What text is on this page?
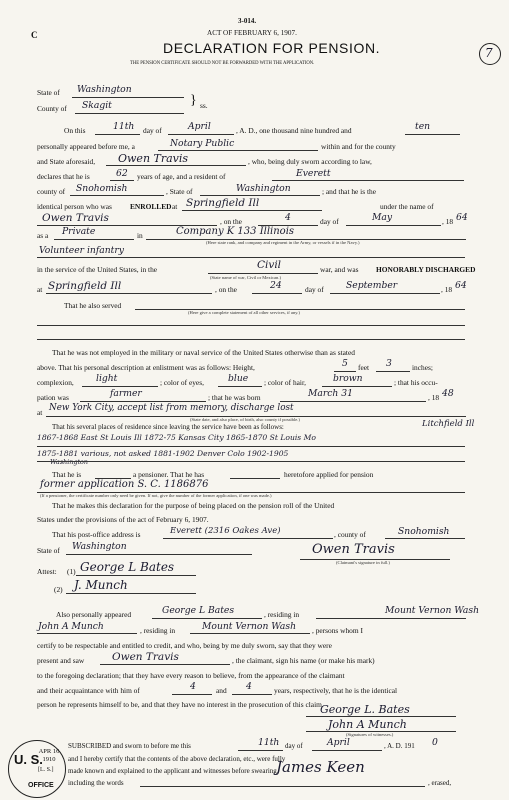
C
3-014.
ACT OF FEBRUARY 6, 1907.
DECLARATION FOR PENSION.
THE PENSION CERTIFICATE SHOULD NOT BE FORWARDED WITH THE APPLICATION.
7
State of Washington
County of Skagit	} ss.
On this	11th day of	April	, A. D., one thousand nine hundred and	ten
personally appeared before me, a	Notary Public	within and for the county
and State aforesaid, Owen Travis	, who, being duly sworn according to law,
declares that he is	62 years of age, and a resident of	Everett
county of Snohomish	, State of	Washington	; and that he is the
identical person who was ENROLLED at Springfield Ill	under the name of
Owen Travis	, on the	4	day of	May	, 18 64
as a Private	in	Company K 133 Illinois
(Here state rank, and company and regiment in the Army, or vessels if in the Navy.)
Volunteer infantry
in the service of the United States, in the	Civil	war, and was HONORABLY DISCHARGED
(State name of war, Civil or Mexican.)
at Springfield Ill	, on the	24	day of September	, 18 64
That he also served
(Here give a complete statement of all other services, if any.)
That he was not employed in the military or naval service of the United States otherwise than as stated
above. That his personal description at enlistment was as follows: Height,	5 feet 3	inches;
complexion, light	; color of eyes,	blue ; color of hair,	brown	; that his occu-
pation was	farmer	; that he was born	March 31	, 18 48
at New York City, accept list from memory, discharge lost
(State date, and also place, of birth, also county if possible.)
That his several places of residence since leaving the service have been as follows:	Litchfield Ill
1867-1868 East St Louis Ill 1872-75 Kansas City 1865-1870 St Louis Mo
1875-1881 various, not asked 1881-1902 Denver Colo 1902-1905
Washington
That he is	a pensioner. That he has	heretofore applied for pension
former application S. C. 1186876
(If a pensioner, the certificate number only need be given. If not, give the number of the former application, if one was made.)
That he makes this declaration for the purpose of being placed on the pension roll of the United
States under the provisions of the act of February 6, 1907.
That his post-office address is	Everett (2316 Oakes Ave)	, county of	Snohomish
State of Washington	Owen Travis
(Claimant's signature in full.)
Attest: (1) George L Bates
(2) J. Munch
Also personally appeared	George L Bates	, residing in	Mount Vernon Wash
John A Munch	, residing in	Mount Vernon Wash , persons whom I
certify to be respectable and entitled to credit, and who, being by me duly sworn, say that they were
present and saw	Owen Travis	, the claimant, sign his name (or make his mark)
to the foregoing declaration; that they have every reason to believe, from the appearance of the claimant
and their acquaintance with him of	4	and 4	years, respectively, that he is the identical
person he represents himself to be, and that they have no interest in the prosecution of this claim.
George L. Bates
John A Munch
(Signatures of witnesses.)
U. S.
APR 16 1910
OFFICE
SUBSCRIBED and sworn to before me this	11th day of	April	, A. D. 191 0
and I hereby certify that the contents of the above declaration, etc., were fully
[L. S.] made known and explained to the applicant and witnesses before swearing,
including the words	, erased,
James Keen
